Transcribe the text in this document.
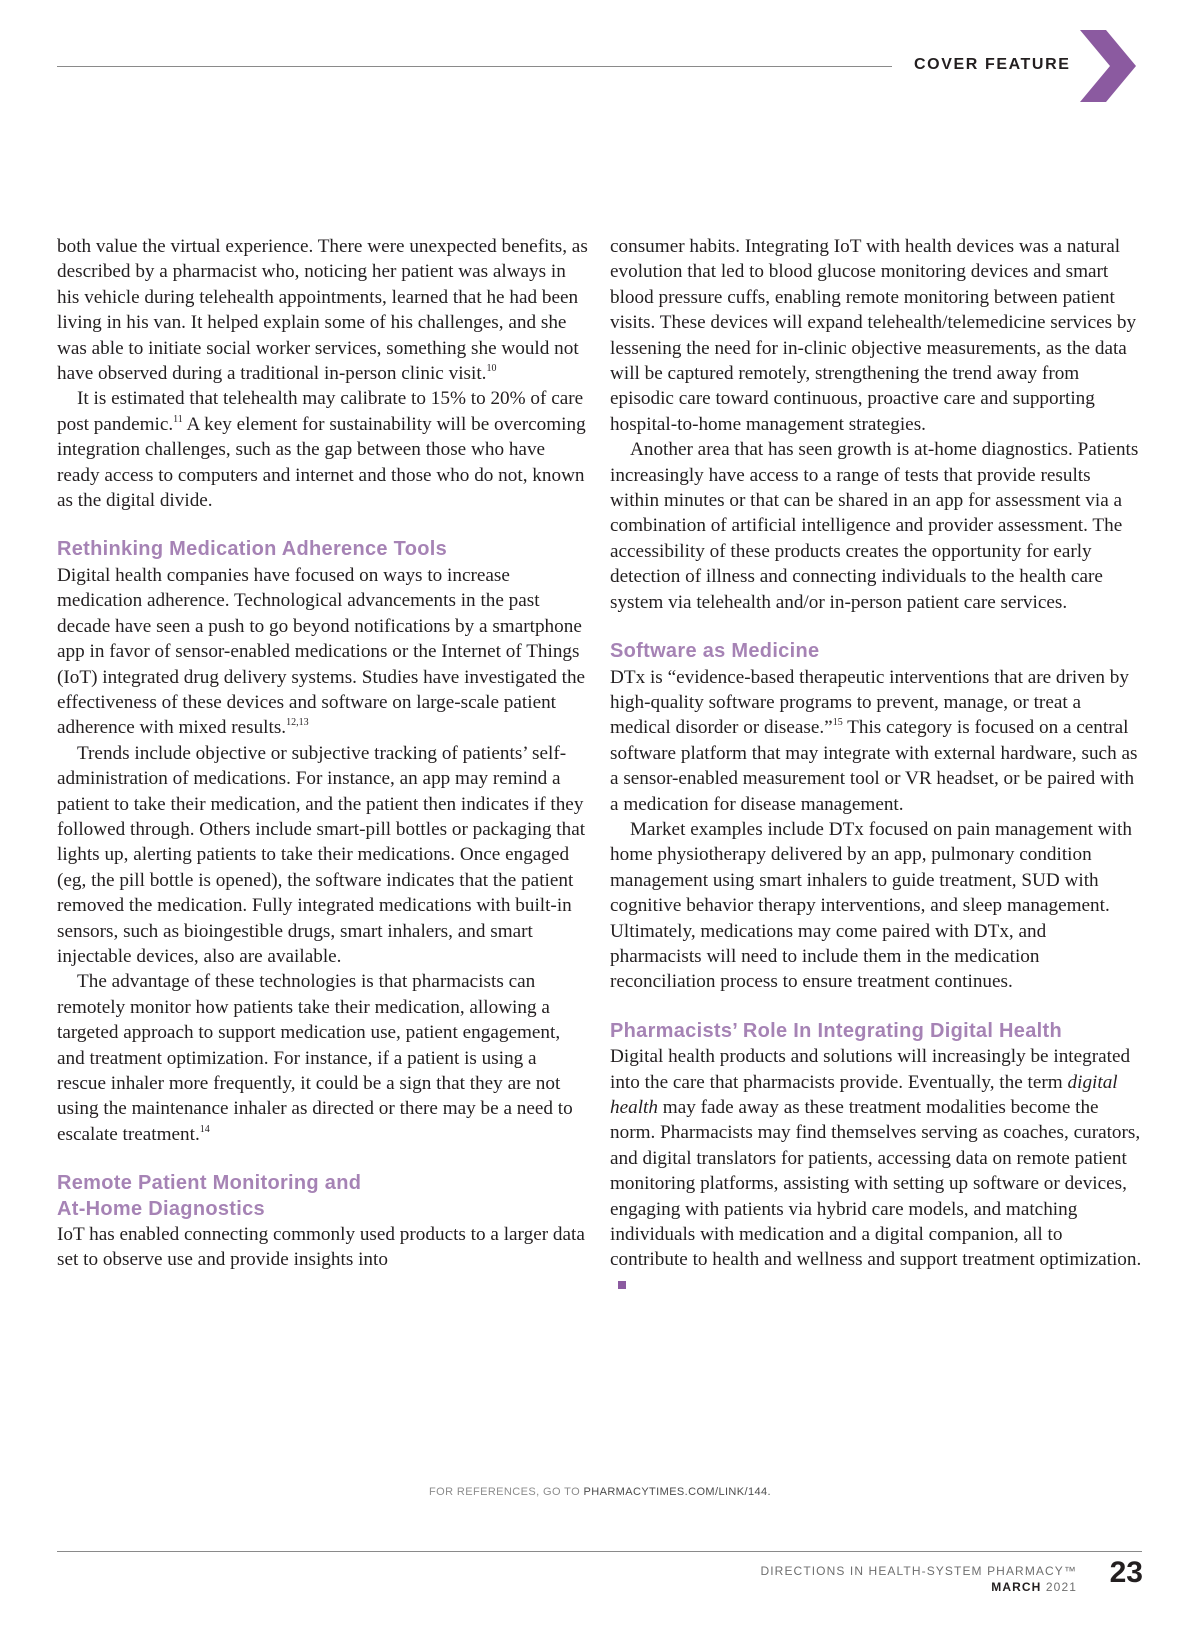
COVER FEATURE

both value the virtual experience. There were unexpected benefits, as described by a pharmacist who, noticing her patient was always in his vehicle during telehealth appointments, learned that he had been living in his van. It helped explain some of his challenges, and she was able to initiate social worker services, something she would not have observed during a traditional in-person clinic visit.$^{10}$

It is estimated that telehealth may calibrate to 15% to 20% of care post pandemic.$^{11}$ A key element for sustainability will be overcoming integration challenges, such as the gap between those who have ready access to computers and internet and those who do not, known as the digital divide.

Rethinking Medication Adherence Tools

Digital health companies have focused on ways to increase medication adherence. Technological advancements in the past decade have seen a push to go beyond notifications by a smartphone app in favor of sensor-enabled medications or the Internet of Things (IoT) integrated drug delivery systems. Studies have investigated the effectiveness of these devices and software on large-scale patient adherence with mixed results.$^{12,13}$

Trends include objective or subjective tracking of patients’ self-administration of medications. For instance, an app may remind a patient to take their medication, and the patient then indicates if they followed through. Others include smart-pill bottles or packaging that lights up, alerting patients to take their medications. Once engaged (eg, the pill bottle is opened), the software indicates that the patient removed the medication. Fully integrated medications with built-in sensors, such as bioingestible drugs, smart inhalers, and smart injectable devices, also are available.

The advantage of these technologies is that pharmacists can remotely monitor how patients take their medication, allowing a targeted approach to support medication use, patient engagement, and treatment optimization. For instance, if a patient is using a rescue inhaler more frequently, it could be a sign that they are not using the maintenance inhaler as directed or there may be a need to escalate treatment.$^{14}$

Remote Patient Monitoring and
At-Home Diagnostics

IoT has enabled connecting commonly used products to a larger data set to observe use and provide insights into

consumer habits. Integrating IoT with health devices was a natural evolution that led to blood glucose monitoring devices and smart blood pressure cuffs, enabling remote monitoring between patient visits. These devices will expand telehealth/telemedicine services by lessening the need for in-clinic objective measurements, as the data will be captured remotely, strengthening the trend away from episodic care toward continuous, proactive care and supporting hospital-to-home management strategies.

Another area that has seen growth is at-home diagnostics. Patients increasingly have access to a range of tests that provide results within minutes or that can be shared in an app for assessment via a combination of artificial intelligence and provider assessment. The accessibility of these products creates the opportunity for early detection of illness and connecting individuals to the health care system via telehealth and/or in-person patient care services.

Software as Medicine

DTx is “evidence-based therapeutic interventions that are driven by high-quality software programs to prevent, manage, or treat a medical disorder or disease.”$^{15}$ This category is focused on a central software platform that may integrate with external hardware, such as a sensor-enabled measurement tool or VR headset, or be paired with a medication for disease management.

Market examples include DTx focused on pain management with home physiotherapy delivered by an app, pulmonary condition management using smart inhalers to guide treatment, SUD with cognitive behavior therapy interventions, and sleep management. Ultimately, medications may come paired with DTx, and pharmacists will need to include them in the medication reconciliation process to ensure treatment continues.

Pharmacists’ Role In Integrating Digital Health

Digital health products and solutions will increasingly be integrated into the care that pharmacists provide. Eventually, the term digital health may fade away as these treatment modalities become the norm. Pharmacists may find themselves serving as coaches, curators, and digital translators for patients, accessing data on remote patient monitoring platforms, assisting with setting up software or devices, engaging with patients via hybrid care models, and matching individuals with medication and a digital companion, all to contribute to health and wellness and support treatment optimization.

FOR REFERENCES, GO TO PHARMACYTIMES.COM/LINK/144.
DIRECTIONS IN HEALTH-SYSTEM PHARMACY™
MARCH 2021 23
